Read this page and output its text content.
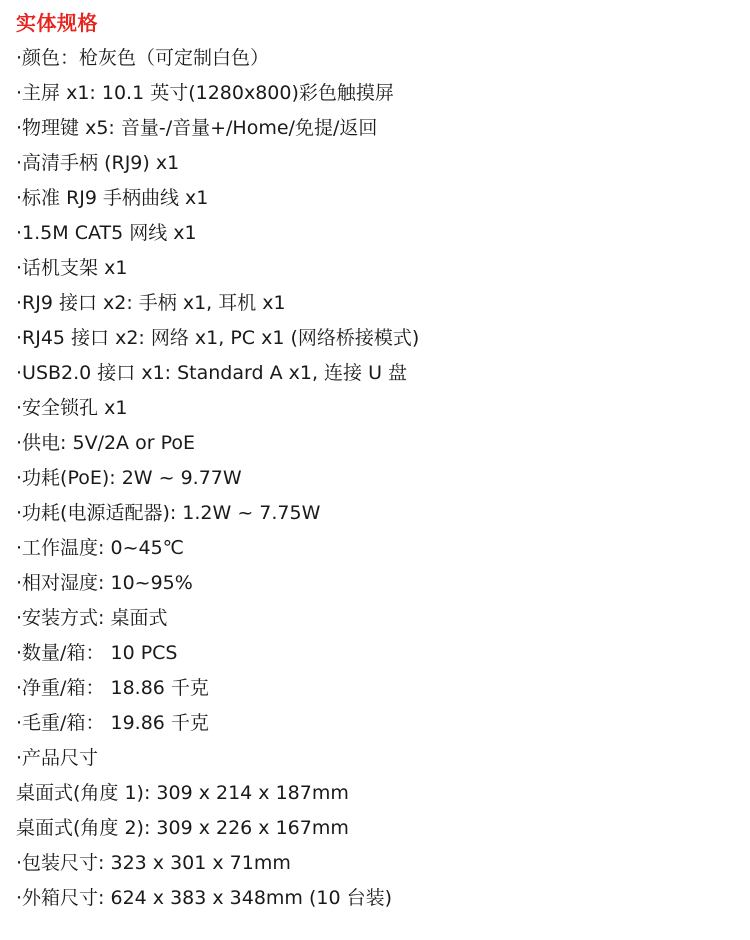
实体规格
·颜色：枪灰色（可定制白色）
·主屏 x1: 10.1 英寸(1280x800)彩色触摸屏
·物理键 x5: 音量-/音量+/Home/免提/返回
·高清手柄 (RJ9) x1
·标准 RJ9 手柄曲线 x1
·1.5M CAT5 网线 x1
·话机支架 x1
·RJ9 接口 x2: 手柄 x1, 耳机 x1
·RJ45 接口 x2: 网络 x1, PC x1 (网络桥接模式)
·USB2.0 接口 x1: Standard A x1, 连接 U 盘
·安全锁孔 x1
·供电: 5V/2A or PoE
·功耗(PoE): 2W ~ 9.77W
·功耗(电源适配器): 1.2W ~ 7.75W
·工作温度: 0~45℃
·相对湿度: 10~95%
·安装方式: 桌面式
·数量/箱： 10 PCS
·净重/箱： 18.86 千克
·毛重/箱： 19.86 千克
·产品尺寸
桌面式(角度 1): 309 x 214 x 187mm
桌面式(角度 2): 309 x 226 x 167mm
·包装尺寸: 323 x 301 x 71mm
·外箱尺寸: 624 x 383 x 348mm (10 台装)
